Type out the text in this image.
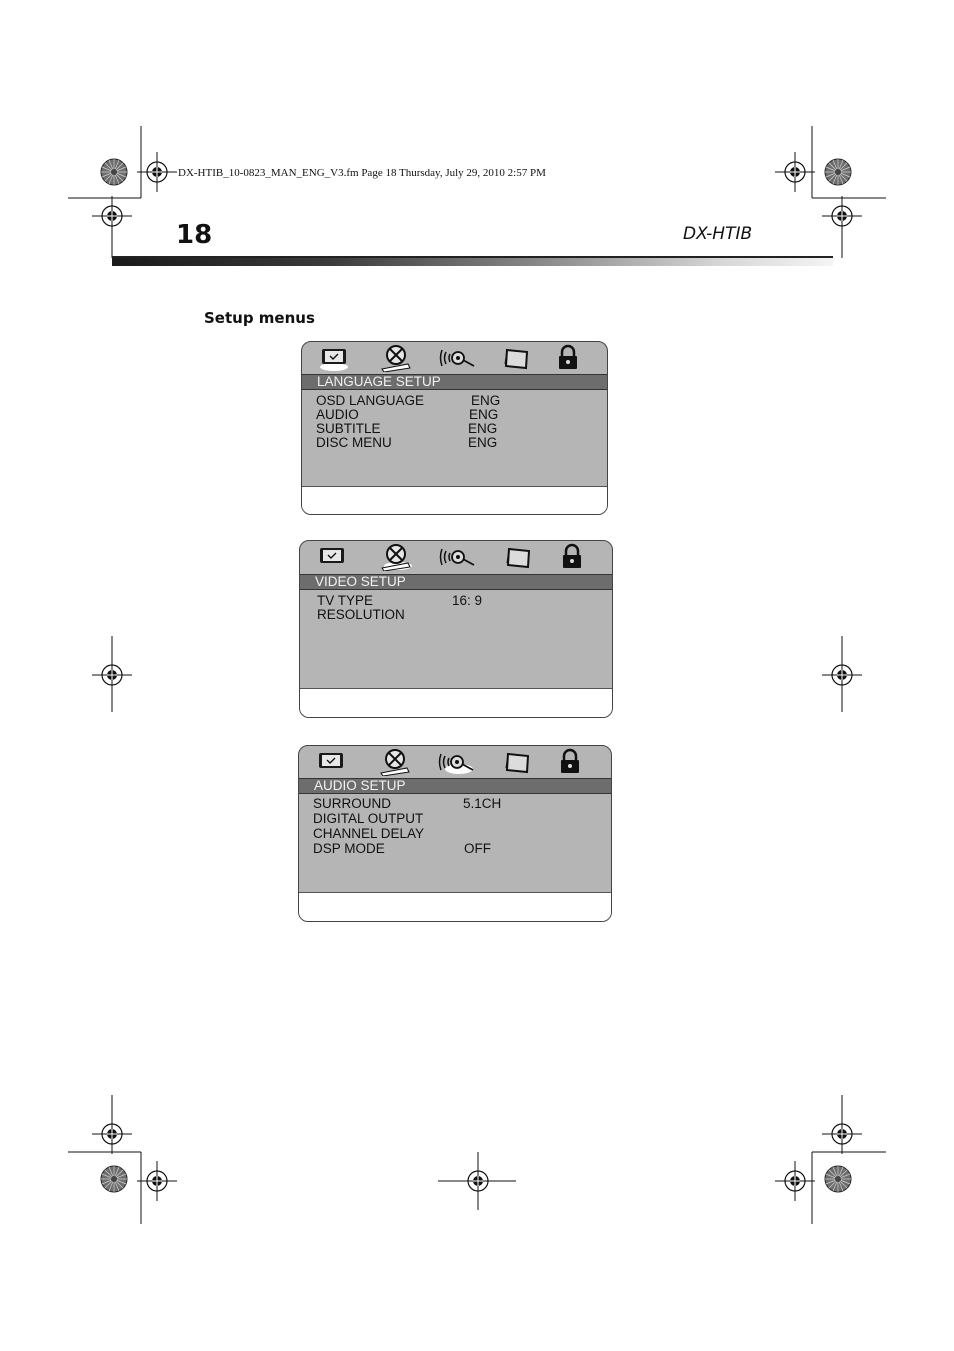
DX-HTIB_10-0823_MAN_ENG_V3.fm Page 18 Thursday, July 29, 2010 2:57 PM
18	DX-HTIB
Setup menus
LANGUAGE SETUP
OSD LANGUAGE	ENG
AUDIO	ENG
SUBTITLE	ENG
DISC MENU	ENG
VIDEO SETUP
TV TYPE	16: 9
RESOLUTION
AUDIO SETUP
SURROUND	5.1CH
DIGITAL OUTPUT
CHANNEL DELAY
DSP MODE	OFF
